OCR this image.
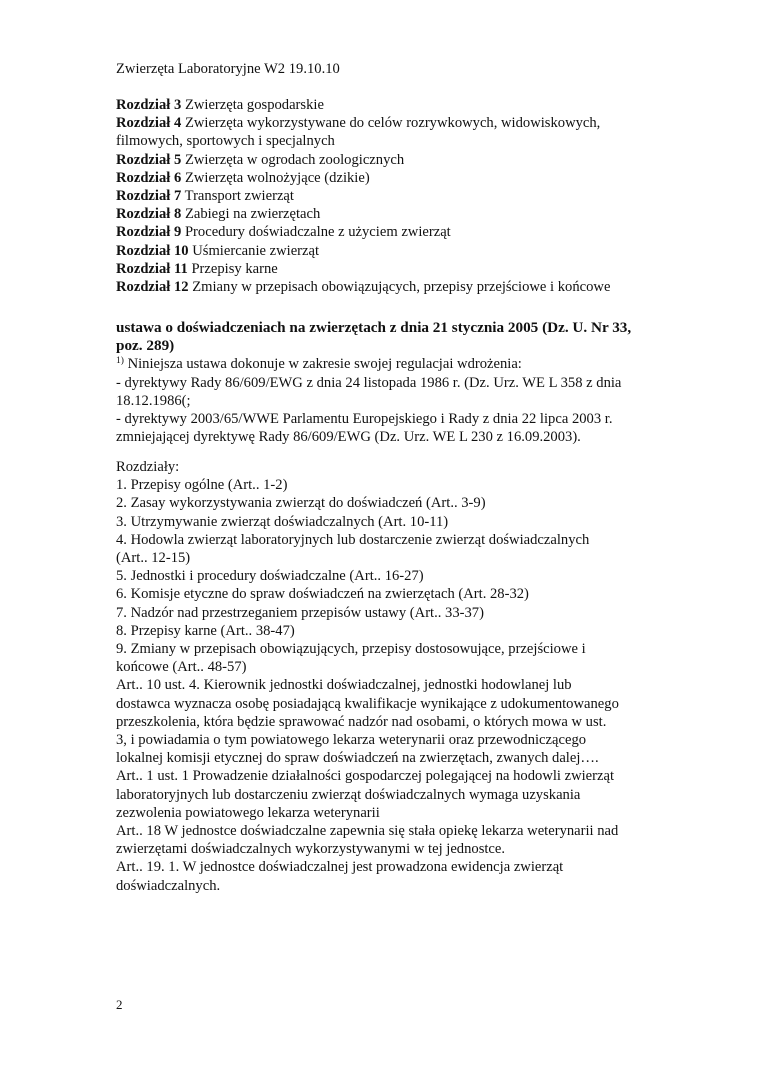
Zwierzęta Laboratoryjne W2 19.10.10
Rozdział 3 Zwierzęta gospodarskie
Rozdział 4 Zwierzęta wykorzystywane do celów rozrywkowych, widowiskowych,
filmowych, sportowych i specjalnych
Rozdział 5 Zwierzęta w ogrodach zoologicznych
Rozdział 6 Zwierzęta wolnożyjące (dzikie)
Rozdział 7 Transport zwierząt
Rozdział 8 Zabiegi na zwierzętach
Rozdział 9 Procedury doświadczalne z użyciem zwierząt
Rozdział 10 Uśmiercanie zwierząt
Rozdział 11 Przepisy karne
Rozdział 12 Zmiany w przepisach obowiązujących, przepisy przejściowe i końcowe
ustawa o doświadczeniach na zwierzętach z dnia 21 stycznia 2005 (Dz. U. Nr 33,
poz. 289)
$^{1)}$ Niniejsza ustawa dokonuje w zakresie swojej regulacjai wdrożenia:
- dyrektywy Rady 86/609/EWG z dnia 24 listopada 1986 r. (Dz. Urz. WE L 358 z dnia
18.12.1986(;
- dyrektywy 2003/65/WWE Parlamentu Europejskiego i Rady z dnia 22 lipca 2003 r.
zmniejającej dyrektywę Rady 86/609/EWG (Dz. Urz. WE L 230 z 16.09.2003).
Rozdziały:
1. Przepisy ogólne (Art.. 1-2)
2. Zasay wykorzystywania zwierząt do doświadczeń (Art.. 3-9)
3. Utrzymywanie zwierząt doświadczalnych (Art. 10-11)
4. Hodowla zwierząt laboratoryjnych lub dostarczenie zwierząt doświadczalnych
(Art.. 12-15)
5. Jednostki i procedury doświadczalne (Art.. 16-27)
6. Komisje etyczne do spraw doświadczeń na zwierzętach (Art. 28-32)
7. Nadzór nad przestrzeganiem przepisów ustawy (Art.. 33-37)
8. Przepisy karne (Art.. 38-47)
9. Zmiany w przepisach obowiązujących, przepisy dostosowujące, przejściowe i
końcowe (Art.. 48-57)
Art.. 10 ust. 4. Kierownik jednostki doświadczalnej, jednostki hodowlanej lub
dostawca wyznacza osobę posiadającą kwalifikacje wynikające z udokumentowanego
przeszkolenia, która będzie sprawować nadzór nad osobami, o których mowa w ust.
3, i powiadamia o tym powiatowego lekarza weterynarii oraz przewodniczącego
lokalnej komisji etycznej do spraw doświadczeń na zwierzętach, zwanych dalej….
Art.. 1 ust. 1 Prowadzenie działalności gospodarczej polegającej na hodowli zwierząt
laboratoryjnych lub dostarczeniu zwierząt doświadczalnych wymaga uzyskania
zezwolenia powiatowego lekarza weterynarii
Art.. 18 W jednostce doświadczalne zapewnia się stała opiekę lekarza weterynarii nad
zwierzętami doświadczalnych wykorzystywanymi w tej jednostce.
Art.. 19. 1. W jednostce doświadczalnej jest prowadzona ewidencja zwierząt
doświadczalnych.
2
